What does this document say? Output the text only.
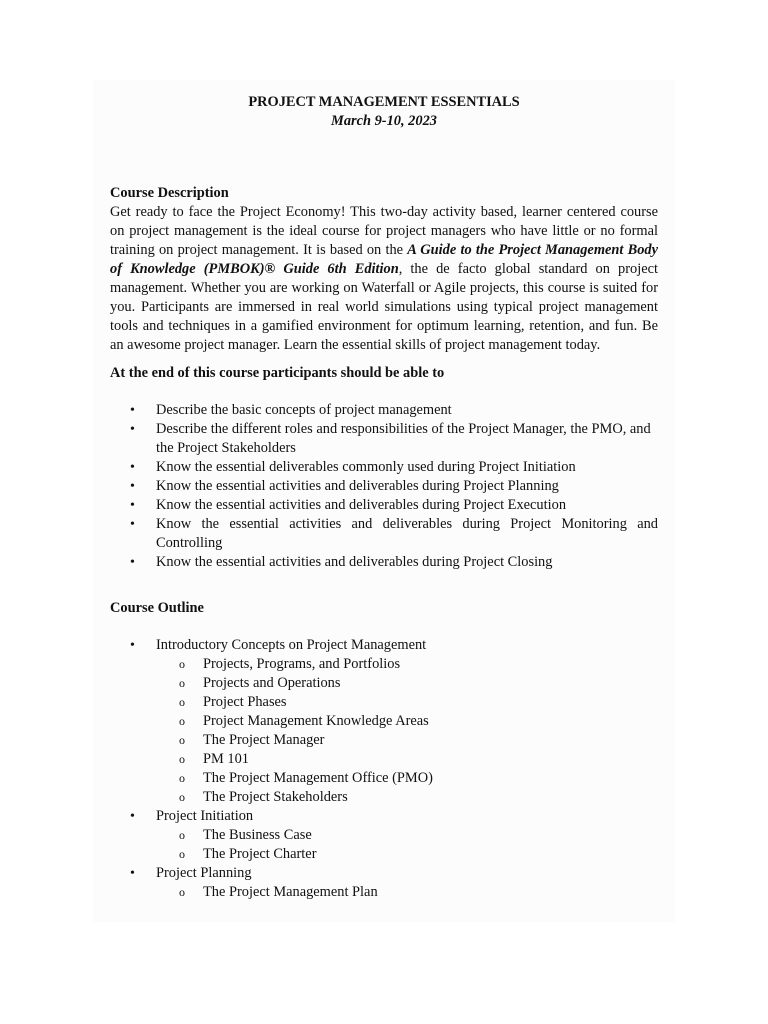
PROJECT MANAGEMENT ESSENTIALS

March 9-10, 2023

Course Description

Get ready to face the Project Economy! This two-day activity based, learner centered course on project management is the ideal course for project managers who have little or no formal training on project management. It is based on the A Guide to the Project Management Body of Knowledge (PMBOK)® Guide 6th Edition, the de facto global standard on project management. Whether you are working on Waterfall or Agile projects, this course is suited for you. Participants are immersed in real world simulations using typical project management tools and techniques in a gamified environment for optimum learning, retention, and fun. Be an awesome project manager. Learn the essential skills of project management today.

At the end of this course participants should be able to

• Describe the basic concepts of project management
• Describe the different roles and responsibilities of the Project Manager, the PMO, and the Project Stakeholders
• Know the essential deliverables commonly used during Project Initiation
• Know the essential activities and deliverables during Project Planning
• Know the essential activities and deliverables during Project Execution
• Know the essential activities and deliverables during Project Monitoring and Controlling
• Know the essential activities and deliverables during Project Closing

Course Outline

• Introductory Concepts on Project Management
o Projects, Programs, and Portfolios
o Projects and Operations
o Project Phases
o Project Management Knowledge Areas
o The Project Manager
o PM 101
o The Project Management Office (PMO)
o The Project Stakeholders
• Project Initiation
o The Business Case
o The Project Charter
• Project Planning
o The Project Management Plan
